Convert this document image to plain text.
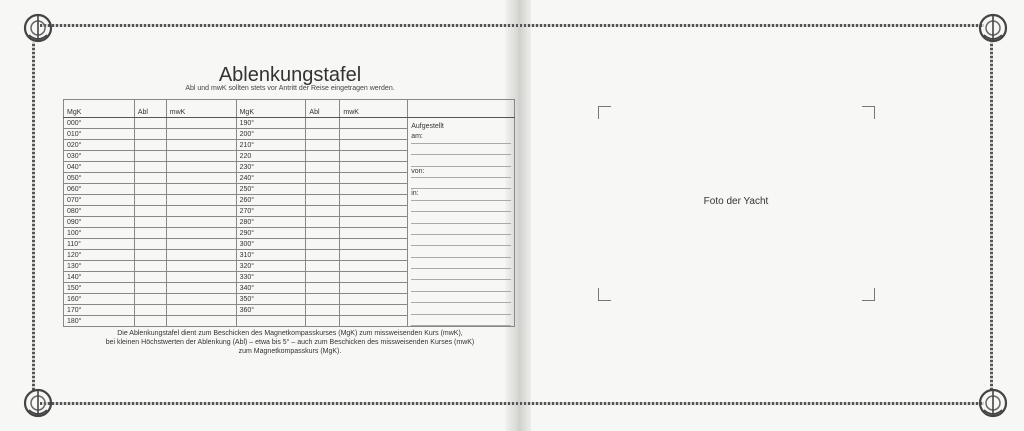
Ablenkungstafel
Abl und mwK sollten stets vor Antritt der Reise eingetragen werden.
MgK	Abl	mwK	MgK	Abl	mwK	
000°			190°			Aufgestellt
am:
von:
in:

010°			200°			
020°			210°			
030°			220			
040°			230°			
050°			240°			
060°			250°			
070°			260°			
080°			270°			
090°			280°			
100°			290°			
110°			300°			
120°			310°			
130°			320°			
140°			330°			
150°			340°			
160°			350°			
170°			360°			
180°						
Die Ablenkungstafel dient zum Beschicken des Magnetkompasskurses (MgK) zum missweisenden Kurs (mwK),
bei kleinen Höchstwerten der Ablenkung (Abl) – etwa bis 5° – auch zum Beschicken des missweisenden Kurses (mwK)
zum Magnetkompasskurs (MgK).
Foto der Yacht
